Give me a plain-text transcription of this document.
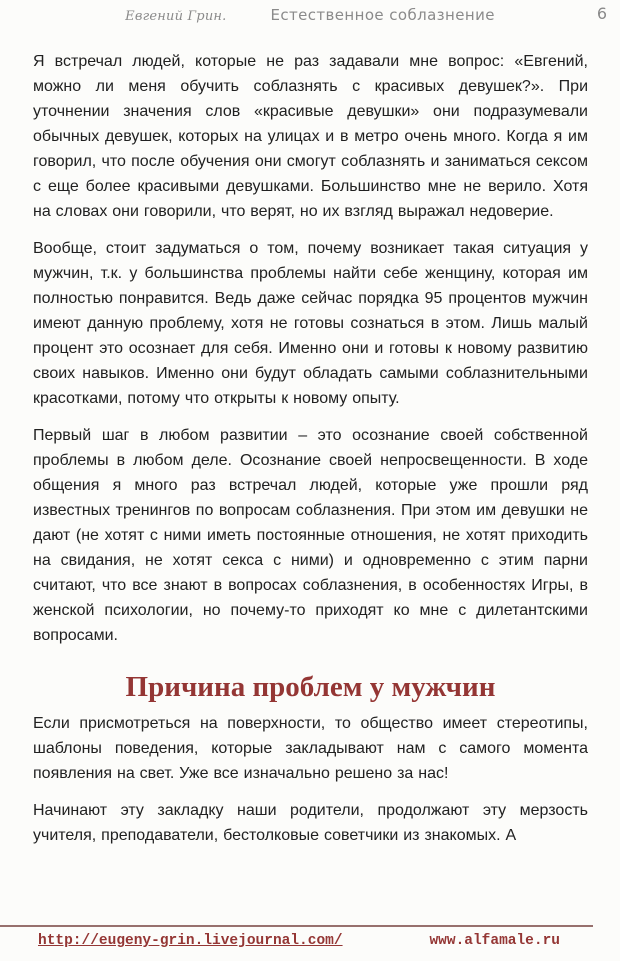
Евгений Грин.	Естественное соблазнение	6

Я встречал людей, которые не раз задавали мне вопрос: «Евгений, можно ли меня обучить соблазнять с красивых девушек?». При уточнении значения слов «красивые девушки» они подразумевали обычных девушек, которых на улицах и в метро очень много. Когда я им говорил, что после обучения они смогут соблазнять и заниматься сексом с еще более красивыми девушками. Большинство мне не верило. Хотя на словах они говорили, что верят, но их взгляд выражал недоверие.

Вообще, стоит задуматься о том, почему возникает такая ситуация у мужчин, т.к. у большинства проблемы найти себе женщину, которая им полностью понравится. Ведь даже сейчас порядка 95 процентов мужчин имеют данную проблему, хотя не готовы сознаться в этом. Лишь малый процент это осознает для себя. Именно они и готовы к новому развитию своих навыков. Именно они будут обладать самыми соблазнительными красотками, потому что открыты к новому опыту.

Первый шаг в любом развитии – это осознание своей собственной проблемы в любом деле. Осознание своей непросвещенности. В ходе общения я много раз встречал людей, которые уже прошли ряд известных тренингов по вопросам соблазнения. При этом им девушки не дают (не хотят с ними иметь постоянные отношения, не хотят приходить на свидания, не хотят секса с ними) и одновременно с этим парни считают, что все знают в вопросах соблазнения, в особенностях Игры, в женской психологии, но почему-то приходят ко мне с дилетантскими вопросами.

Причина проблем у мужчин

Если присмотреться на поверхности, то общество имеет стереотипы, шаблоны поведения, которые закладывают нам с самого момента появления на свет. Уже все изначально решено за нас!

Начинают эту закладку наши родители, продолжают эту мерзость учителя, преподаватели, бестолковые советчики из знакомых. А

http://eugeny-grin.livejournal.com/	www.alfamale.ru
